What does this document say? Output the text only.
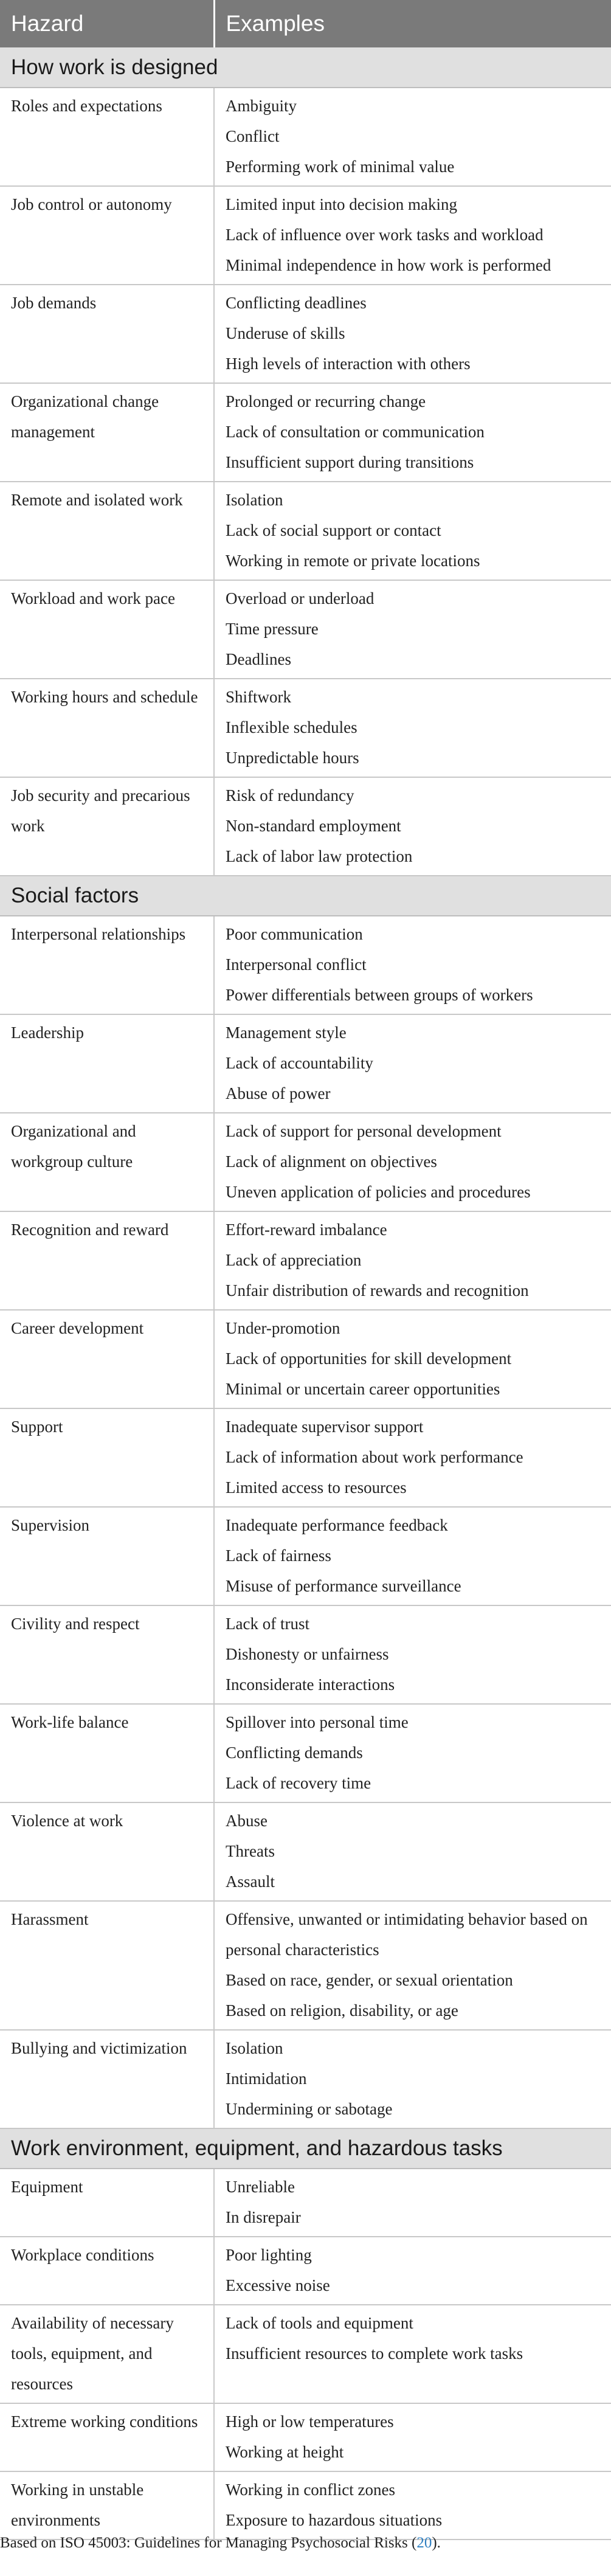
Hazard	Examples
How work is designed	
Roles and expectations	Ambiguity
Conflict
Performing work of minimal value

Job control or autonomy	Limited input into decision making
Lack of influence over work tasks and workload
Minimal independence in how work is performed

Job demands	Conflicting deadlines
Underuse of skills
High levels of interaction with others

Organizational change management	Prolonged or recurring change
Lack of consultation or communication
Insufficient support during transitions

Remote and isolated work	Isolation
Lack of social support or contact
Working in remote or private locations

Workload and work pace	Overload or underload
Time pressure
Deadlines

Working hours and schedule	Shiftwork
Inflexible schedules
Unpredictable hours

Job security and precarious work	Risk of redundancy
Non-standard employment
Lack of labor law protection

Social factors	
Interpersonal relationships	Poor communication
Interpersonal conflict
Power differentials between groups of workers

Leadership	Management style
Lack of accountability
Abuse of power

Organizational and workgroup culture	Lack of support for personal development
Lack of alignment on objectives
Uneven application of policies and procedures

Recognition and reward	Effort-reward imbalance
Lack of appreciation
Unfair distribution of rewards and recognition

Career development	Under-promotion
Lack of opportunities for skill development
Minimal or uncertain career opportunities

Support	Inadequate supervisor support
Lack of information about work performance
Limited access to resources

Supervision	Inadequate performance feedback
Lack of fairness
Misuse of performance surveillance

Civility and respect	Lack of trust
Dishonesty or unfairness
Inconsiderate interactions

Work-life balance	Spillover into personal time
Conflicting demands
Lack of recovery time

Violence at work	Abuse
Threats
Assault

Harassment	Offensive, unwanted or intimidating behavior based on personal characteristics
Based on race, gender, or sexual orientation
Based on religion, disability, or age

Bullying and victimization	Isolation
Intimidation
Undermining or sabotage

Work environment, equipment, and hazardous tasks	
Equipment	Unreliable
In disrepair

Workplace conditions	Poor lighting
Excessive noise

Availability of necessary tools, equipment, and resources	Lack of tools and equipment
Insufficient resources to complete work tasks

Extreme working conditions	High or low temperatures
Working at height

Working in unstable environments	Working in conflict zones
Exposure to hazardous situations
Based on ISO 45003: Guidelines for Managing Psychosocial Risks (20).
